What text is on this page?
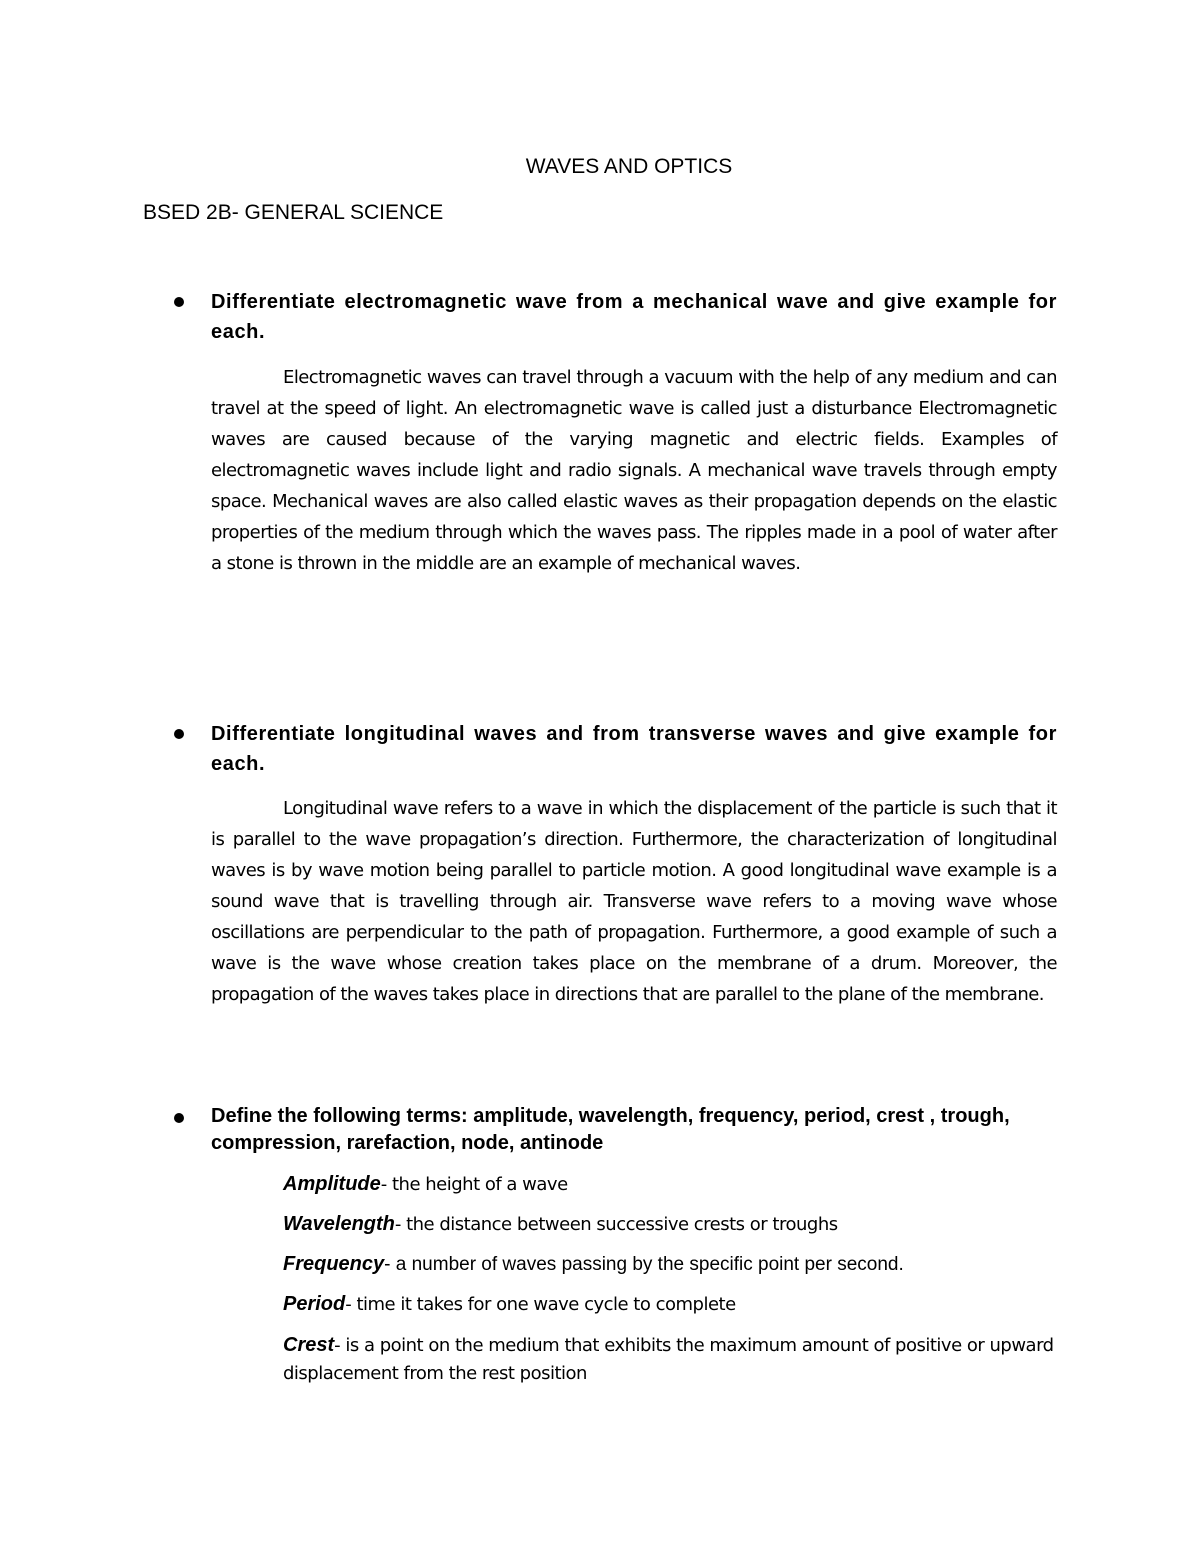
WAVES AND OPTICS
BSED 2B- GENERAL SCIENCE

Differentiate electromagnetic wave from a mechanical wave and give example for each.

Electromagnetic waves can travel through a vacuum with the help of any medium and can travel at the speed of light. An electromagnetic wave is called just a disturbance Electromagnetic waves are caused because of the varying magnetic and electric fields. Examples of electromagnetic waves include light and radio signals. A mechanical wave travels through empty space. Mechanical waves are also called elastic waves as their propagation depends on the elastic properties of the medium through which the waves pass. The ripples made in a pool of water after a stone is thrown in the middle are an example of mechanical waves.

Differentiate longitudinal waves and from transverse waves and give example for each.

Longitudinal wave refers to a wave in which the displacement of the particle is such that it is parallel to the wave propagation’s direction. Furthermore, the characterization of longitudinal waves is by wave motion being parallel to particle motion. A good longitudinal wave example is a sound wave that is travelling through air. Transverse wave refers to a moving wave whose oscillations are perpendicular to the path of propagation. Furthermore, a good example of such a wave is the wave whose creation takes place on the membrane of a drum. Moreover, the propagation of the waves takes place in directions that are parallel to the plane of the membrane.

Define the following terms: amplitude, wavelength, frequency, period, crest , trough, compression, rarefaction, node, antinode

Amplitude- the height of a wave

Wavelength- the distance between successive crests or troughs

Frequency- a number of waves passing by the specific point per second.

Period- time it takes for one wave cycle to complete

Crest- is a point on the medium that exhibits the maximum amount of positive or upward displacement from the rest position
